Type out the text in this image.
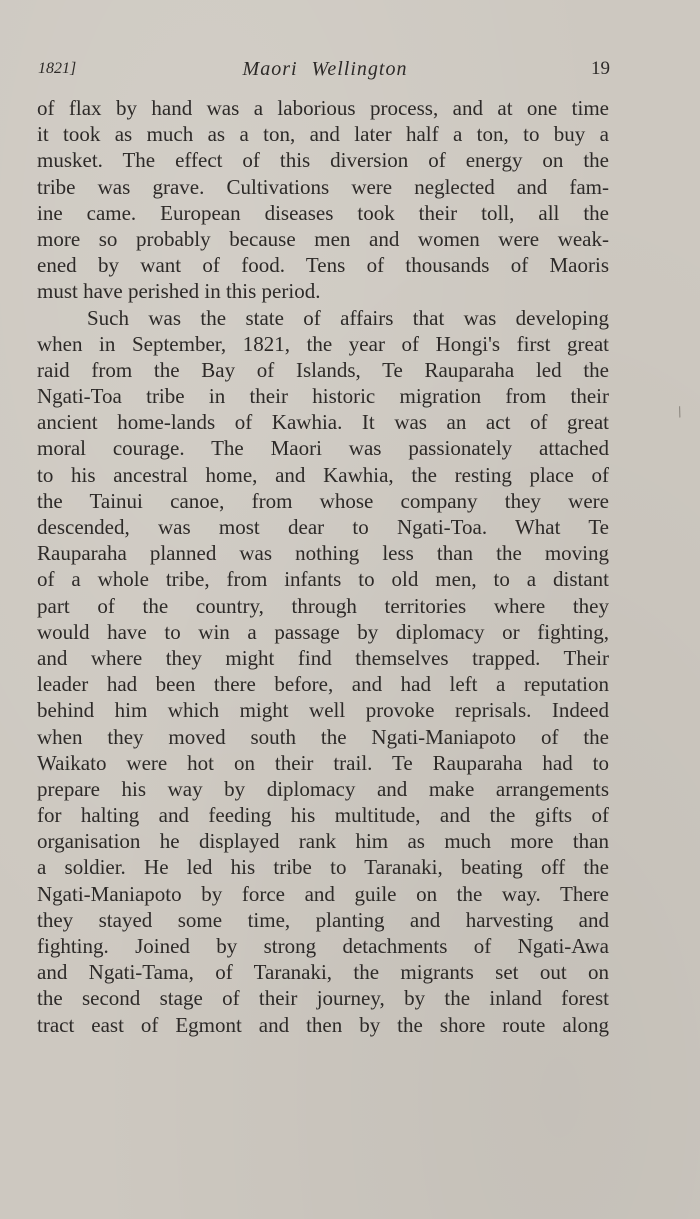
1821]	Maori Wellington	19
of flax by hand was a laborious process, and at one time
it took as much as a ton, and later half a ton, to buy a
musket. The effect of this diversion of energy on the
tribe was grave. Cultivations were neglected and fam-
ine came. European diseases took their toll, all the
more so probably because men and women were weak-
ened by want of food. Tens of thousands of Maoris
must have perished in this period.
Such was the state of affairs that was developing
when in September, 1821, the year of Hongi's first great
raid from the Bay of Islands, Te Rauparaha led the
Ngati-Toa tribe in their historic migration from their
ancient home-lands of Kawhia. It was an act of great
moral courage. The Maori was passionately attached
to his ancestral home, and Kawhia, the resting place of
the Tainui canoe, from whose company they were
descended, was most dear to Ngati-Toa. What Te
Rauparaha planned was nothing less than the moving
of a whole tribe, from infants to old men, to a distant
part of the country, through territories where they
would have to win a passage by diplomacy or fighting,
and where they might find themselves trapped. Their
leader had been there before, and had left a reputation
behind him which might well provoke reprisals. Indeed
when they moved south the Ngati-Maniapoto of the
Waikato were hot on their trail. Te Rauparaha had to
prepare his way by diplomacy and make arrangements
for halting and feeding his multitude, and the gifts of
organisation he displayed rank him as much more than
a soldier. He led his tribe to Taranaki, beating off the
Ngati-Maniapoto by force and guile on the way. There
they stayed some time, planting and harvesting and
fighting. Joined by strong detachments of Ngati-Awa
and Ngati-Tama, of Taranaki, the migrants set out on
the second stage of their journey, by the inland forest
tract east of Egmont and then by the shore route along
/
